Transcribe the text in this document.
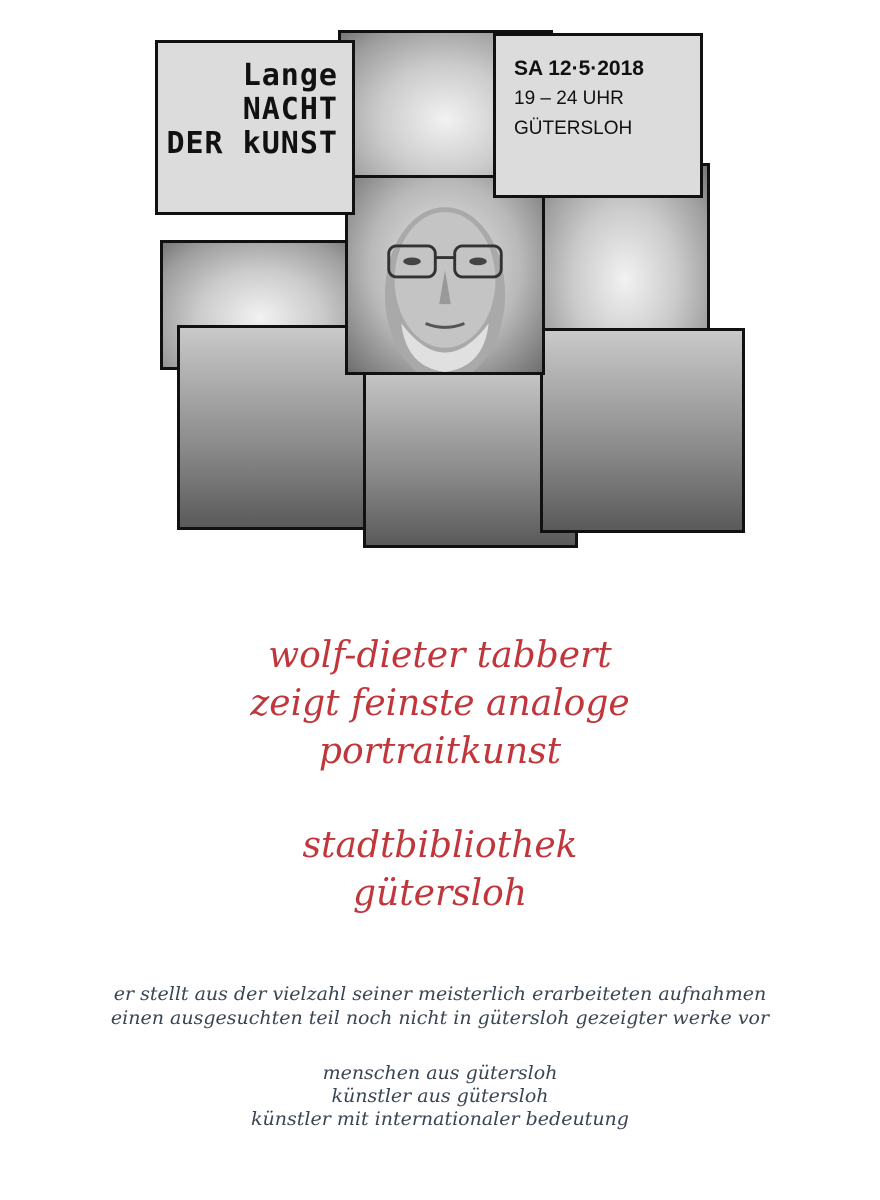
Lange
NACHT
DER kUNST
SA 12·5·2018
19 – 24 UHR
GÜTERSLOH
wolf-dieter tabbert
zeigt feinste analoge
portraitkunst
stadtbibliothek
gütersloh
er stellt aus der vielzahl seiner meisterlich erarbeiteten aufnahmen
einen ausgesuchten teil noch nicht in gütersloh gezeigter werke vor
menschen aus gütersloh
künstler aus gütersloh
künstler mit internationaler bedeutung
